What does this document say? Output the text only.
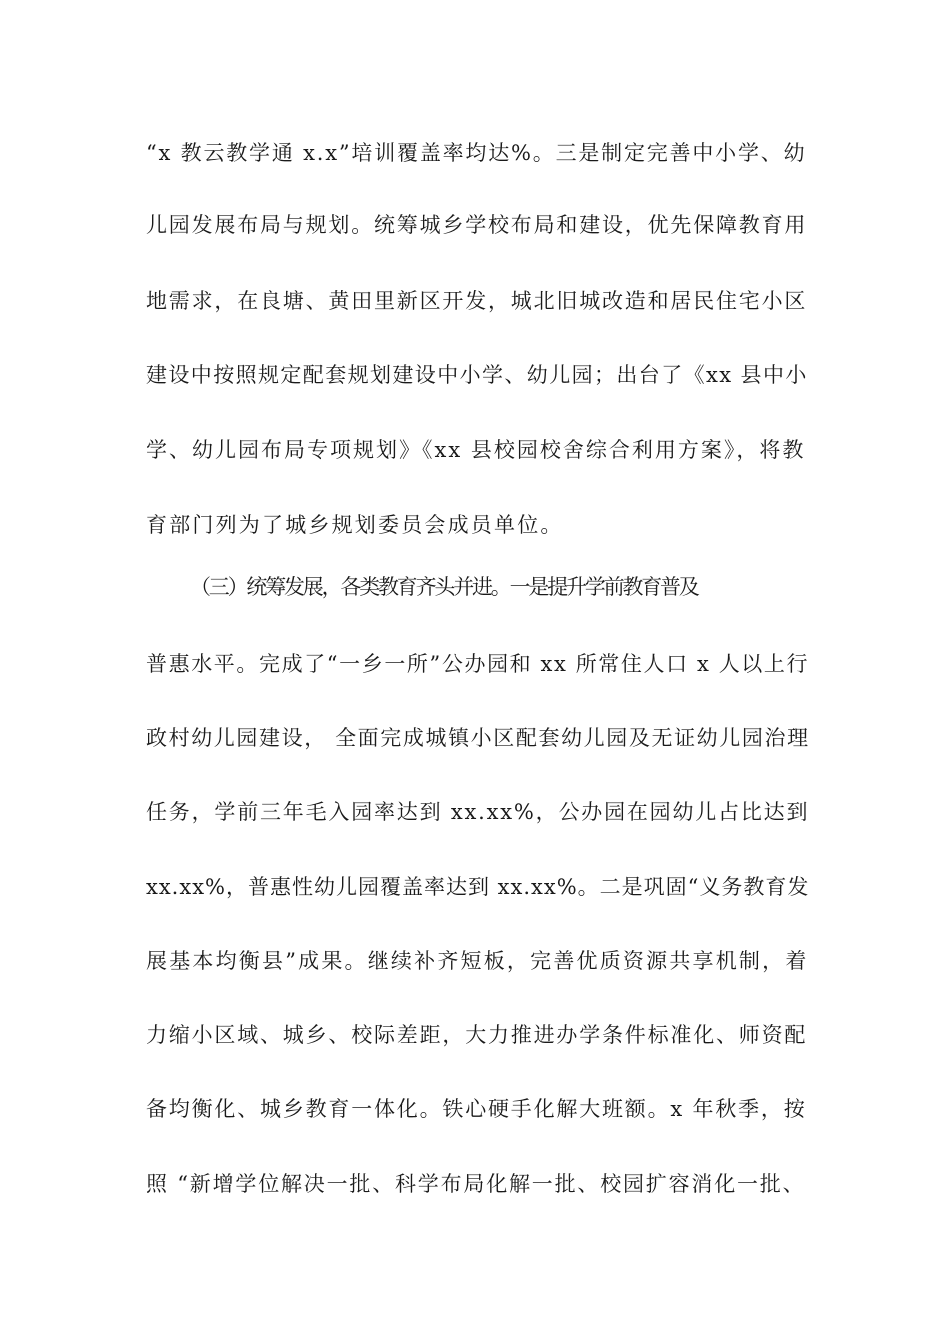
“x 教云教学通 x.x”培训覆盖率均达%。三是制定完善中小学、幼
儿园发展布局与规划。统筹城乡学校布局和建设，优先保障教育用
地需求，在良塘、黄田里新区开发，城北旧城改造和居民住宅小区
建设中按照规定配套规划建设中小学、幼儿园；出台了《xx 县中小
学、幼儿园布局专项规划》《xx 县校园校舍综合利用方案》，将教
育部门列为了城乡规划委员会成员单位。
（三）统筹发展，各类教育齐头并进。一是提升学前教育普及
普惠水平。完成了“一乡一所”公办园和 xx 所常住人口 x 人以上行
政村幼儿园建设， 全面完成城镇小区配套幼儿园及无证幼儿园治理
任务，学前三年毛入园率达到 xx.xx%，公办园在园幼儿占比达到
xx.xx%，普惠性幼儿园覆盖率达到 xx.xx%。二是巩固“义务教育发
展基本均衡县”成果。继续补齐短板，完善优质资源共享机制，着
力缩小区域、城乡、校际差距，大力推进办学条件标准化、师资配
备均衡化、城乡教育一体化。铁心硬手化解大班额。x 年秋季，按
照 “新增学位解决一批、科学布局化解一批、校园扩容消化一批、
